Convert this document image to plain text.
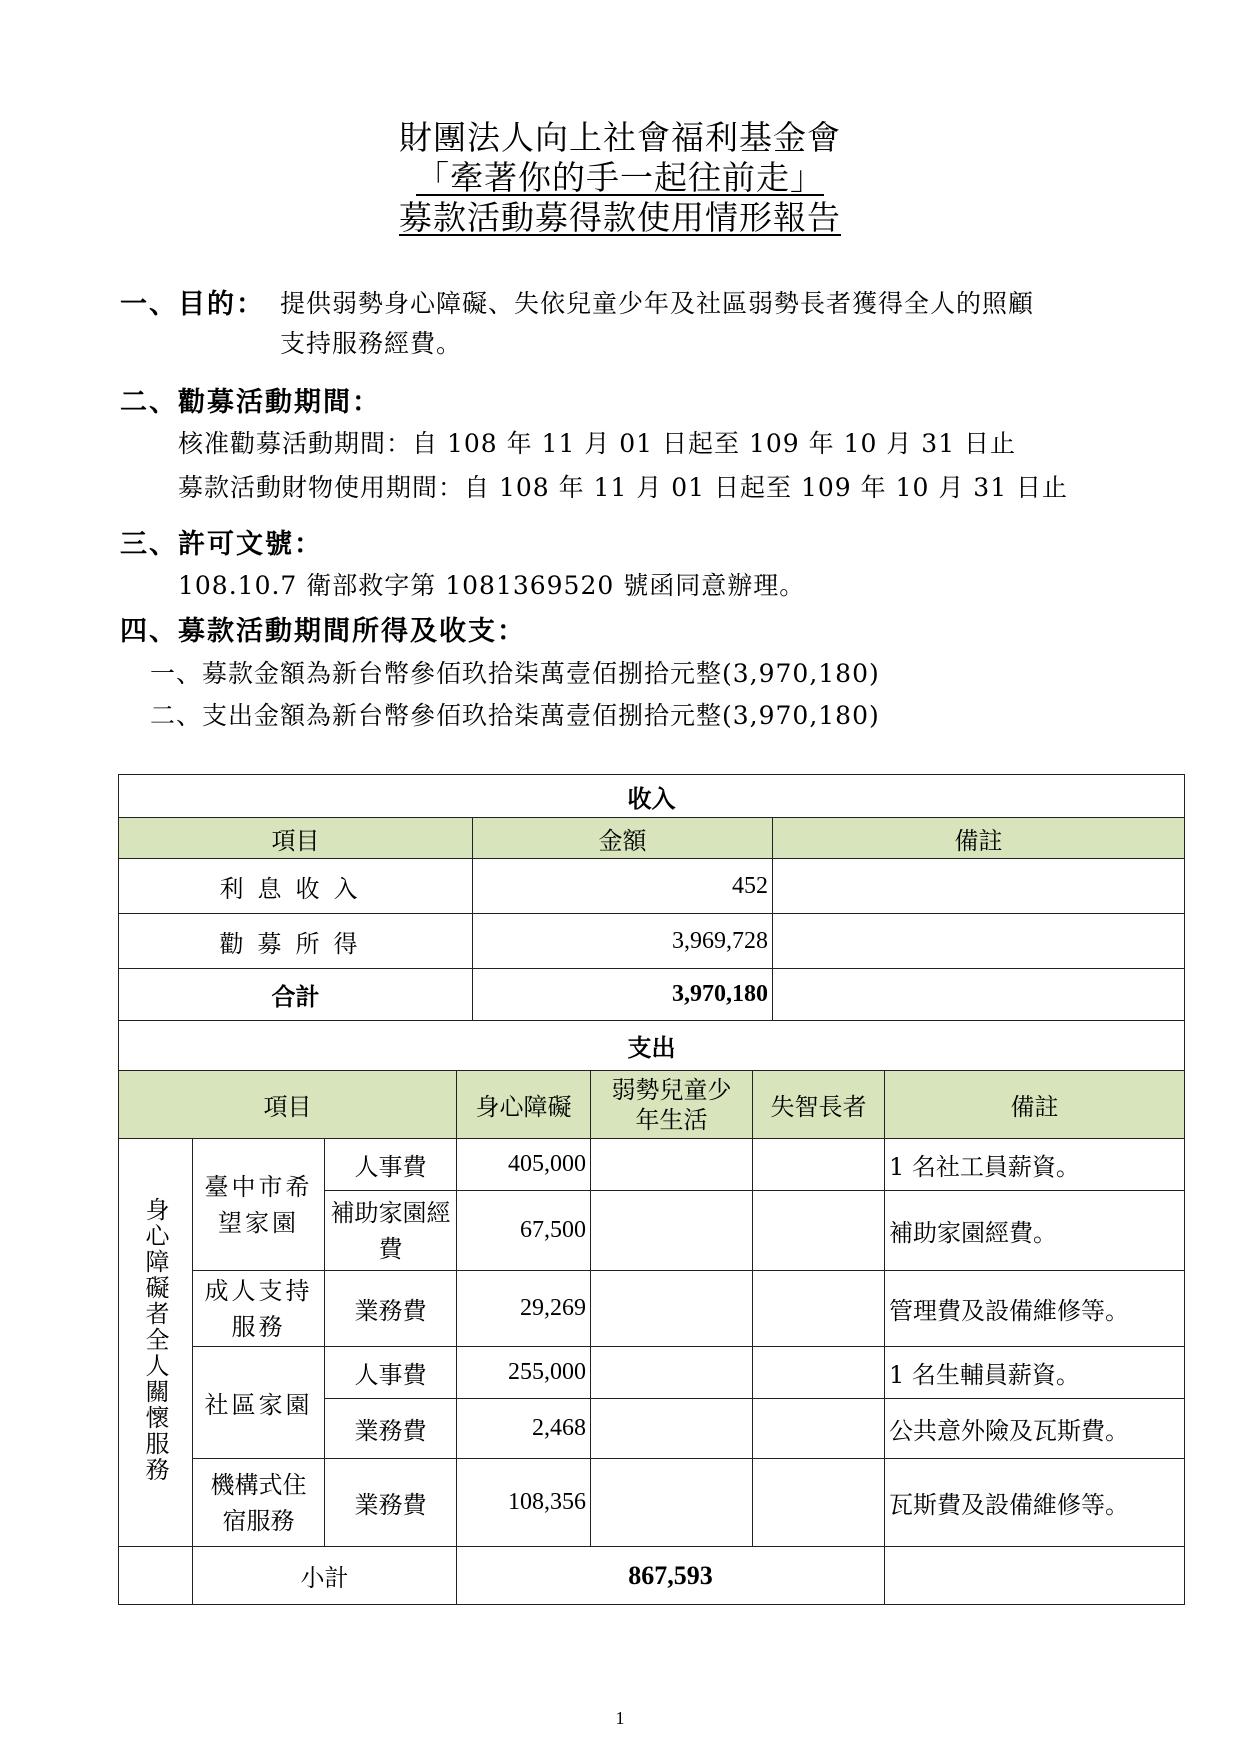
財團法人向上社會福利基金會
「牽著你的手一起往前走」
募款活動募得款使用情形報告
一、目的： 提供弱勢身心障礙、失依兒童少年及社區弱勢長者獲得全人的照顧
支持服務經費。
二、勸募活動期間：
核准勸募活動期間：自 108 年 11 月 01 日起至 109 年 10 月 31 日止
募款活動財物使用期間：自 108 年 11 月 01 日起至 109 年 10 月 31 日止
三、許可文號：
108.10.7 衛部救字第 1081369520 號函同意辦理。
四、募款活動期間所得及收支：
一、募款金額為新台幣參佰玖拾柒萬壹佰捌拾元整(3,970,180)
二、支出金額為新台幣參佰玖拾柒萬壹佰捌拾元整(3,970,180)
收入		
項目	金額	備註
利息收入	452	
勸募所得	3,969,728	
合計	3,970,180	
支出						
項目			身心障礙	弱勢兒童少年生活	失智長者	備註
身心障礙者全人關懷服務	臺中市希望家園	人事費	405,000			1 名社工員薪資。
		補助家園經費	67,500			補助家園經費。
	成人支持服務	業務費	29,269			管理費及設備維修等。
	社區家園	人事費	255,000			1 名生輔員薪資。
		業務費	2,468			公共意外險及瓦斯費。
	機構式住宿服務	業務費	108,356			瓦斯費及設備維修等。
	小計		867,593			
1
